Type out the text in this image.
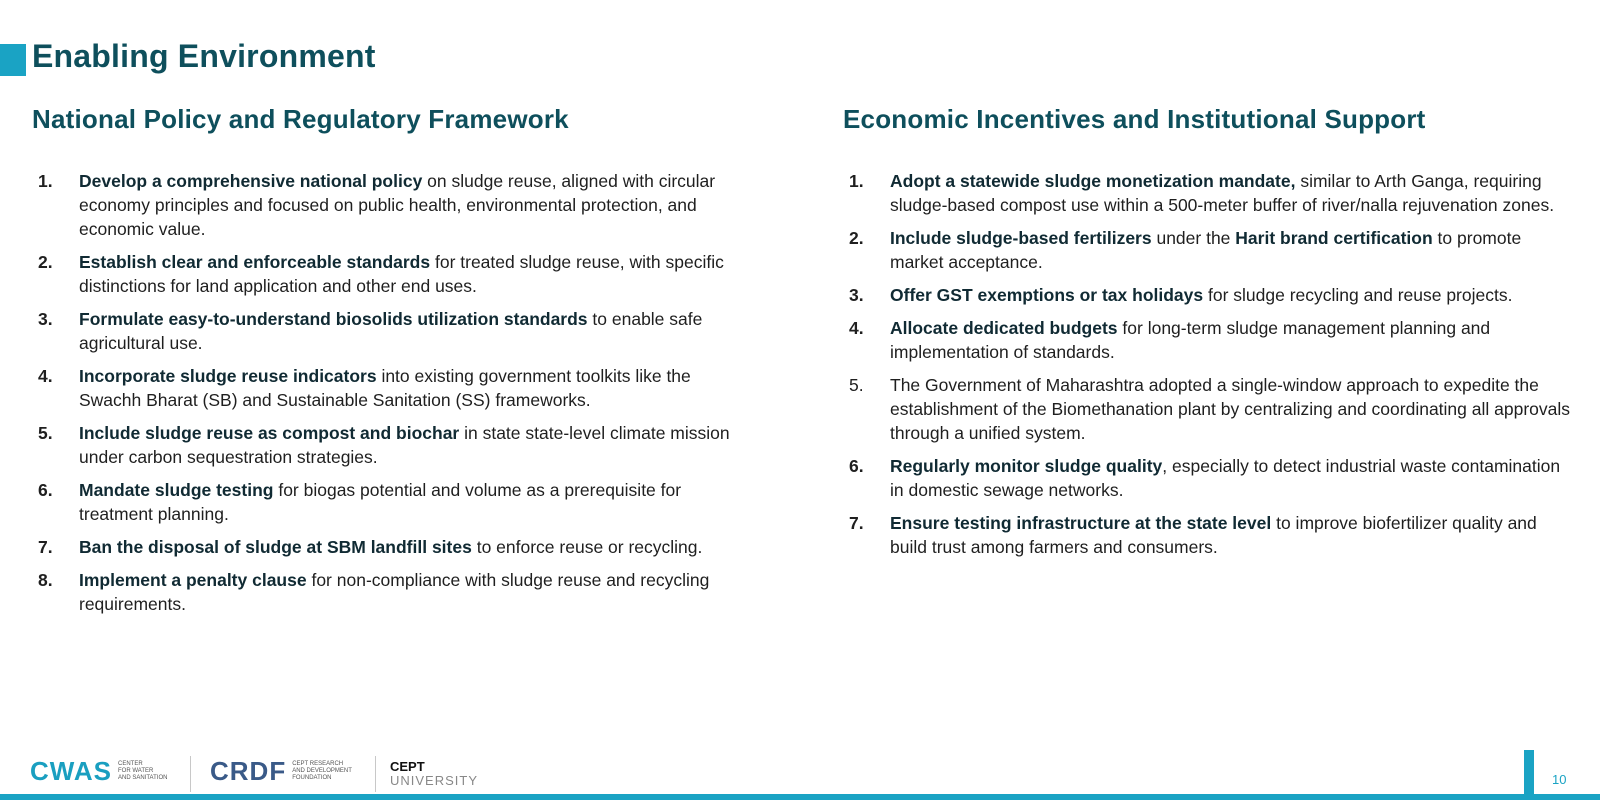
Enabling Environment
National Policy and Regulatory Framework
1. Develop a comprehensive national policy on sludge reuse, aligned with circular economy principles and focused on public health, environmental protection, and economic value.
2. Establish clear and enforceable standards for treated sludge reuse, with specific distinctions for land application and other end uses.
3. Formulate easy-to-understand biosolids utilization standards to enable safe agricultural use.
4. Incorporate sludge reuse indicators into existing government toolkits like the Swachh Bharat (SB) and Sustainable Sanitation (SS) frameworks.
5. Include sludge reuse as compost and biochar in state state-level climate mission under carbon sequestration strategies.
6. Mandate sludge testing for biogas potential and volume as a prerequisite for treatment planning.
7. Ban the disposal of sludge at SBM landfill sites to enforce reuse or recycling.
8. Implement a penalty clause for non-compliance with sludge reuse and recycling requirements.
Economic Incentives and Institutional Support
1. Adopt a statewide sludge monetization mandate, similar to Arth Ganga, requiring sludge-based compost use within a 500-meter buffer of river/nalla rejuvenation zones.
2. Include sludge-based fertilizers under the Harit brand certification to promote market acceptance.
3. Offer GST exemptions or tax holidays for sludge recycling and reuse projects.
4. Allocate dedicated budgets for long-term sludge management planning and implementation of standards.
5. The Government of Maharashtra adopted a single-window approach to expedite the establishment of the Biomethanation plant by centralizing and coordinating all approvals through a unified system.
6. Regularly monitor sludge quality, especially to detect industrial waste contamination in domestic sewage networks.
7. Ensure testing infrastructure at the state level to improve biofertilizer quality and build trust among farmers and consumers.
CWAS CENTER
FOR WATER
AND SANITATION	CRDF CEPT RESEARCH
AND DEVELOPMENT
FOUNDATION
CEPT
UNIVERSITY	10
